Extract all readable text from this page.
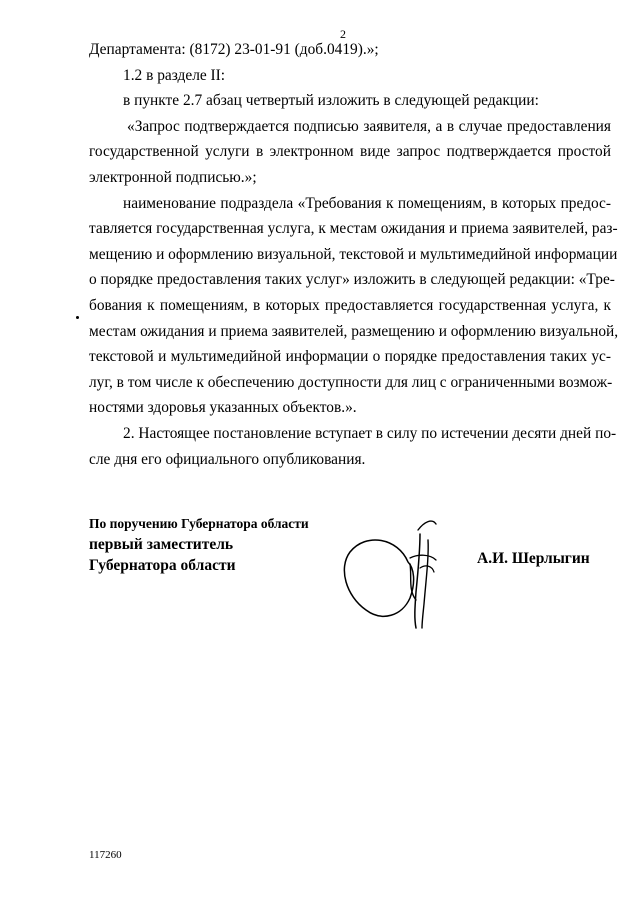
2
Департамента: (8172) 23-01-91 (доб.0419).»;
1.2 в разделе II:
в пункте 2.7 абзац четвертый изложить в следующей редакции:
«Запрос подтверждается подписью заявителя, а в случае предоставления
государственной услуги в электронном виде запрос подтверждается простой
электронной подписью.»;
наименование подраздела «Требования к помещениям, в которых предос-
тавляется государственная услуга, к местам ожидания и приема заявителей, раз-
мещению и оформлению визуальной, текстовой и мультимедийной информации
о порядке предоставления таких услуг» изложить в следующей редакции: «Тре-
бования к помещениям, в которых предоставляется государственная услуга, к
местам ожидания и приема заявителей, размещению и оформлению визуальной,
текстовой и мультимедийной информации о порядке предоставления таких ус-
луг, в том числе к обеспечению доступности для лиц с ограниченными возмож-
ностями здоровья указанных объектов.».
2. Настоящее постановление вступает в силу по истечении десяти дней по-
сле дня его официального опубликования.
По поручению Губернатора области
первый заместитель
Губернатора области	А.И. Шерлыгин
117260
